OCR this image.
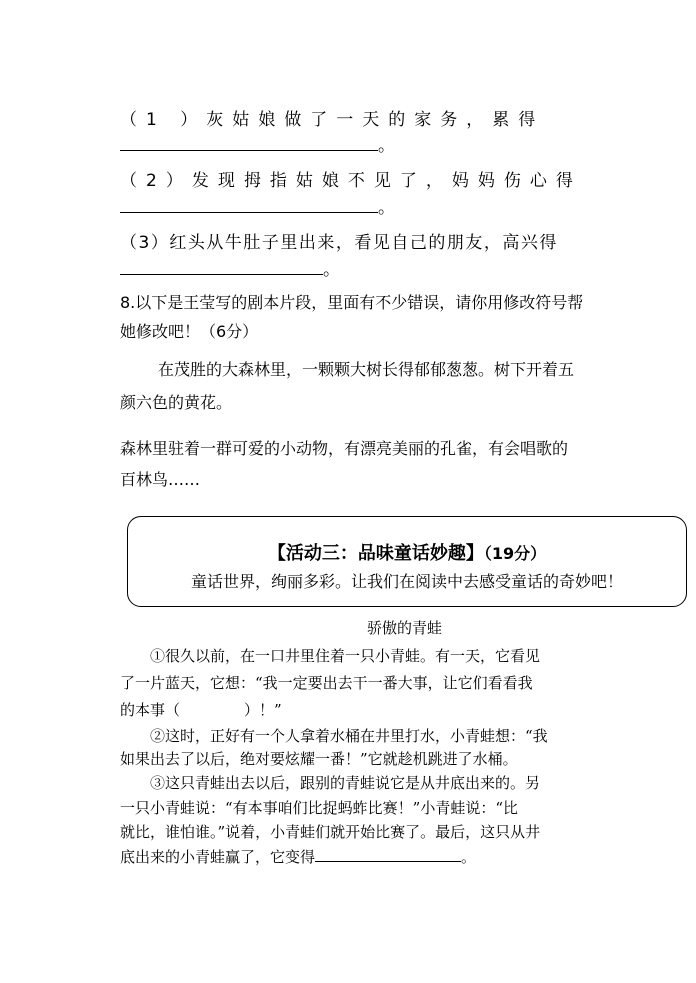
（1 ）灰姑娘做了一天的家务，累得
。
（2）发现拇指姑娘不见了，妈妈伤心得
。
（3）红头从牛肚子里出来，看见自己的朋友，高兴得
。
8.以下是王莹写的剧本片段，里面有不少错误，请你用修改符号帮
她修改吧！（6分）
在茂胜的大森林里，一颗颗大树长得郁郁葱葱。树下开着五
颜六色的黄花。
森林里驻着一群可爱的小动物，有漂亮美丽的孔雀，有会唱歌的
百林鸟……
【活动三：品味童话妙趣】（19分）
童话世界，绚丽多彩。让我们在阅读中去感受童话的奇妙吧！
骄傲的青蛙
①很久以前，在一口井里住着一只小青蛙。有一天，它看见
了一片蓝天，它想：“我一定要出去干一番大事，让它们看看我
的本事（	）！”
②这时，正好有一个人拿着水桶在井里打水，小青蛙想：“我
如果出去了以后，绝对要炫耀一番！”它就趁机跳进了水桶。
③这只青蛙出去以后，跟别的青蛙说它是从井底出来的。另
一只小青蛙说：“有本事咱们比捉蚂蚱比赛！”小青蛙说：“比
就比，谁怕谁。”说着，小青蛙们就开始比赛了。最后，这只从井
底出来的小青蛙赢了，它变得	。
